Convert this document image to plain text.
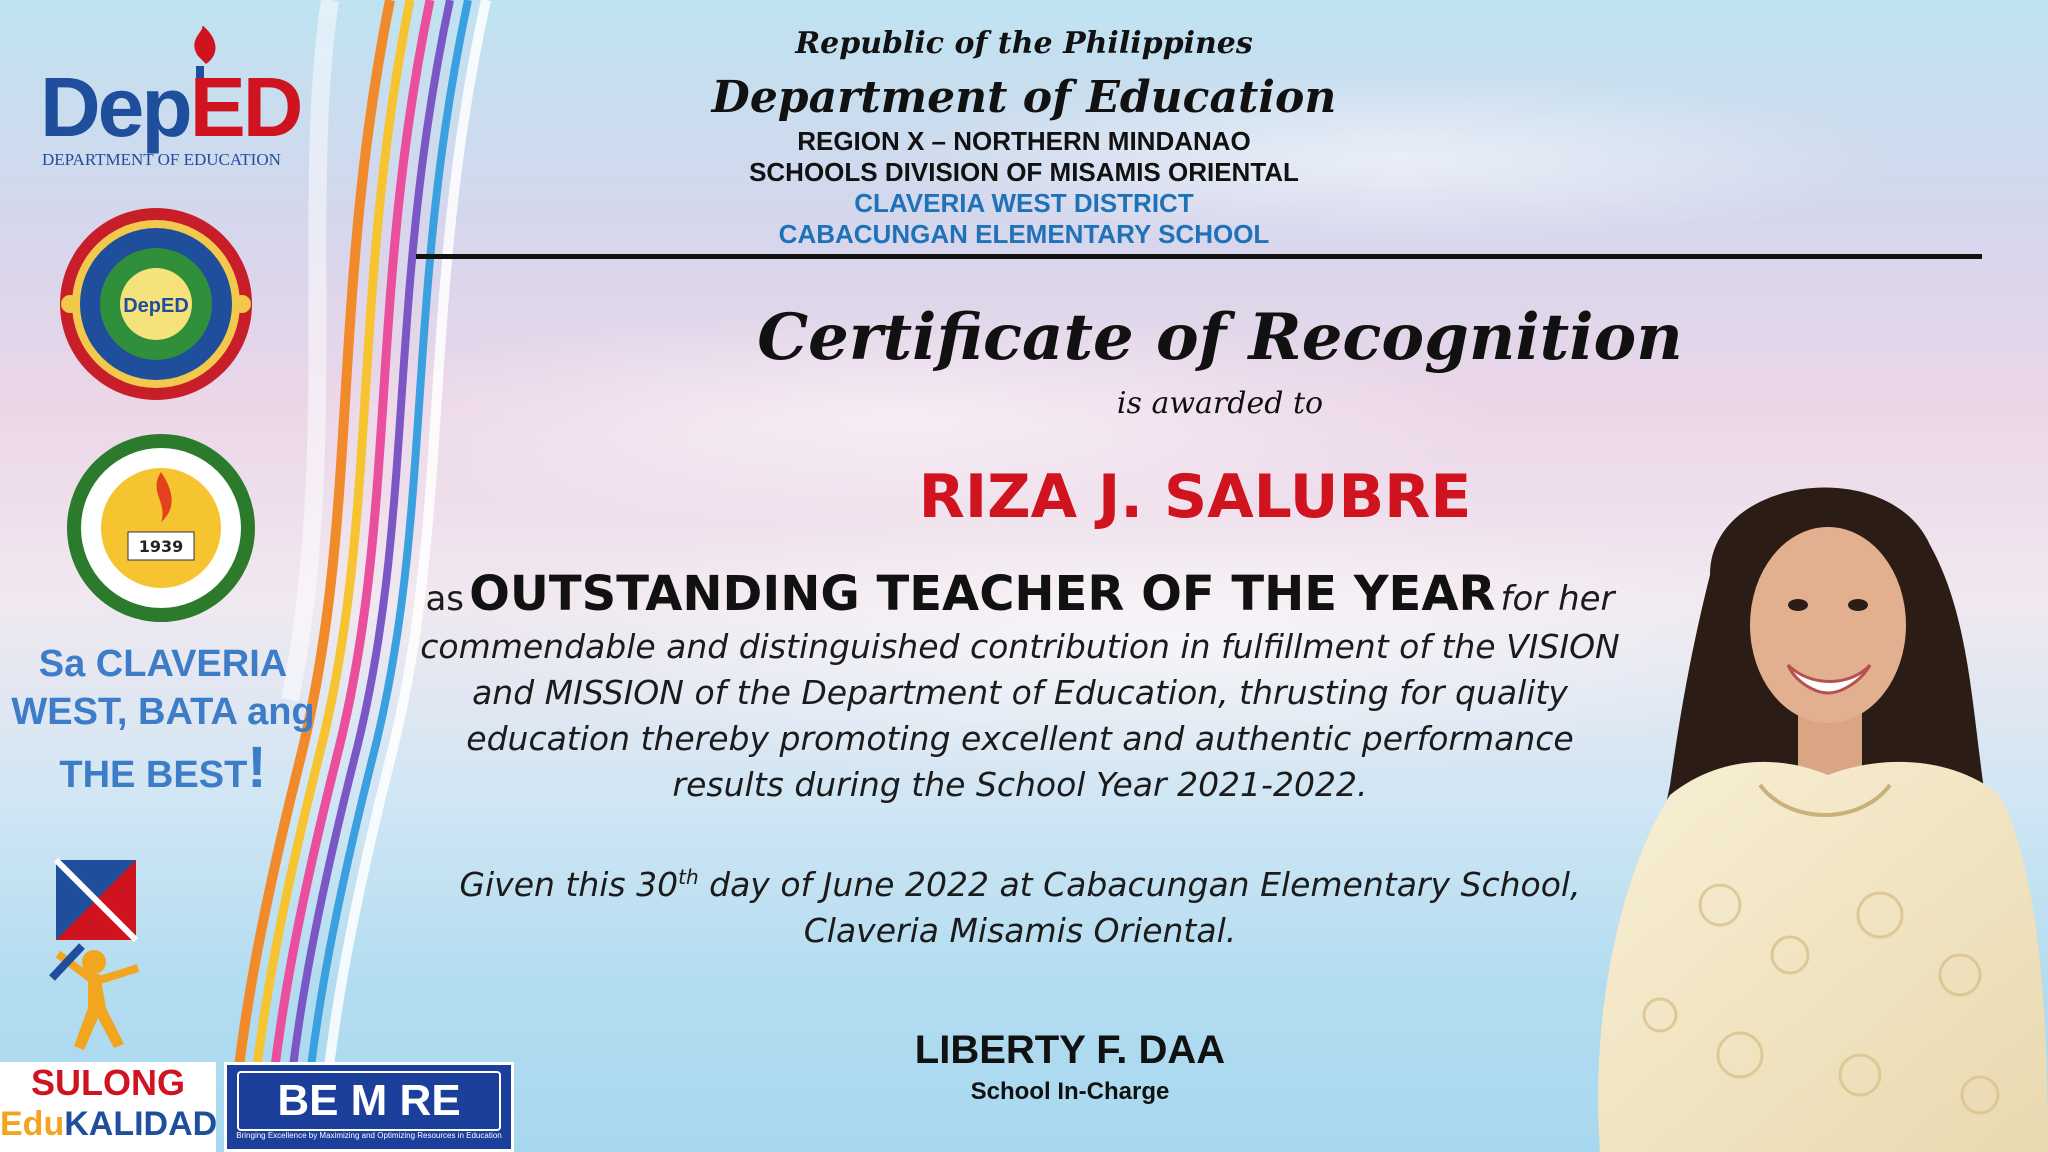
DepED
DEPARTMENT OF EDUCATION
DepED
1939
Sa CLAVERIA
WEST, BATA ang
THE BEST!
SULONG
EduKALIDAD	BE M RE
Bringing Excellence by Maximizing and Optimizing Resources in Education
Republic of the Philippines
Department of Education
REGION X – NORTHERN MINDANAO
SCHOOLS DIVISION OF MISAMIS ORIENTAL
CLAVERIA WEST DISTRICT
CABACUNGAN ELEMENTARY SCHOOL
Certificate of Recognition
is awarded to
RIZA J. SALUBRE
as OUTSTANDING TEACHER OF THE YEAR for her
commendable and distinguished contribution in fulfillment of the VISION
and MISSION of the Department of Education, thrusting for quality
education thereby promoting excellent and authentic performance
results during the School Year 2021-2022.
Given this 30th day of June 2022 at Cabacungan Elementary School,
Claveria Misamis Oriental.
LIBERTY F. DAA
School In-Charge
